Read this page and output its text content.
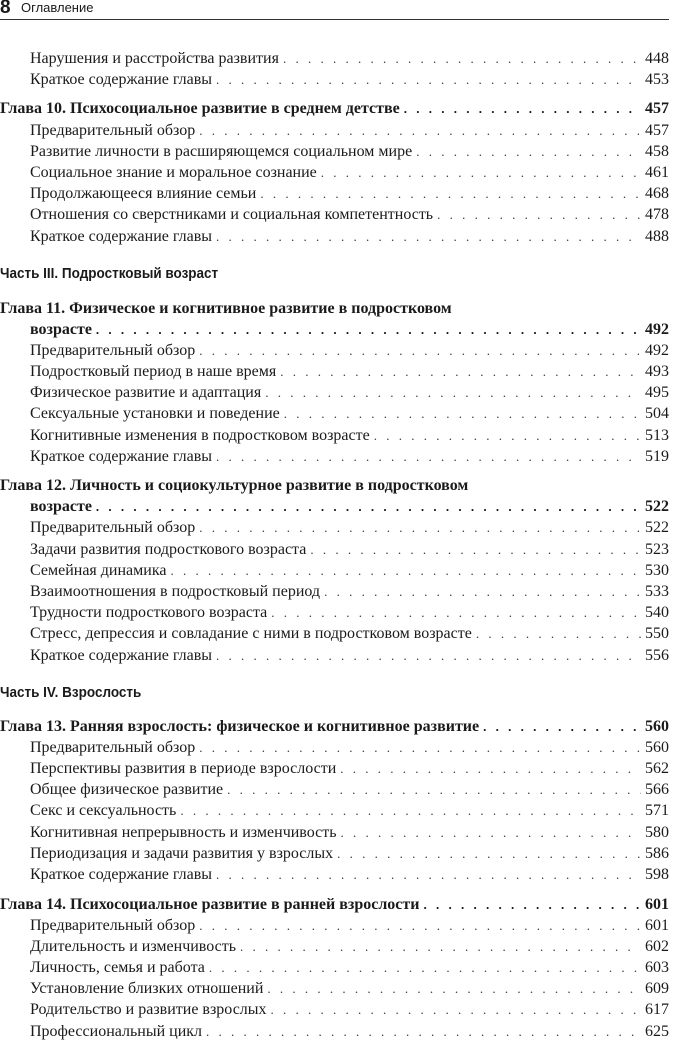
8 Оглавление
Нарушения и расстройства развития . . .	448
Краткое содержание главы . . .	453
Глава 10. Психосоциальное развитие в среднем детстве . . .	457
Предварительный обзор . . .	457
Развитие личности в расширяющемся социальном мире . . .	458
Социальное знание и моральное сознание . . .	461
Продолжающееся влияние семьи . . .	468
Отношения со сверстниками и социальная компетентность . . .	478
Краткое содержание главы . . .	488
Часть III. Подростковый возраст
Глава 11. Физическое и когнитивное развитие в подростковом
возрасте . . .	492
Предварительный обзор . . .	492
Подростковый период в наше время . . .	493
Физическое развитие и адаптация . . .	495
Сексуальные установки и поведение . . .	504
Когнитивные изменения в подростковом возрасте . . .	513
Краткое содержание главы . . .	519
Глава 12. Личность и социокультурное развитие в подростковом
возрасте . . .	522
Предварительный обзор . . .	522
Задачи развития подросткового возраста . . .	523
Семейная динамика . . .	530
Взаимоотношения в подростковый период . . .	533
Трудности подросткового возраста . . .	540
Стресс, депрессия и совладание с ними в подростковом возрасте . . .	550
Краткое содержание главы . . .	556
Часть IV. Взрослость
Глава 13. Ранняя взрослость: физическое и когнитивное развитие . . .	560
Предварительный обзор . . .	560
Перспективы развития в периоде взрослости . . .	562
Общее физическое развитие . . .	566
Секс и сексуальность . . .	571
Когнитивная непрерывность и изменчивость . . .	580
Периодизация и задачи развития у взрослых . . .	586
Краткое содержание главы . . .	598
Глава 14. Психосоциальное развитие в ранней взрослости . . .	601
Предварительный обзор . . .	601
Длительность и изменчивость . . .	602
Личность, семья и работа . . .	603
Установление близких отношений . . .	609
Родительство и развитие взрослых . . .	617
Профессиональный цикл . . .	625
